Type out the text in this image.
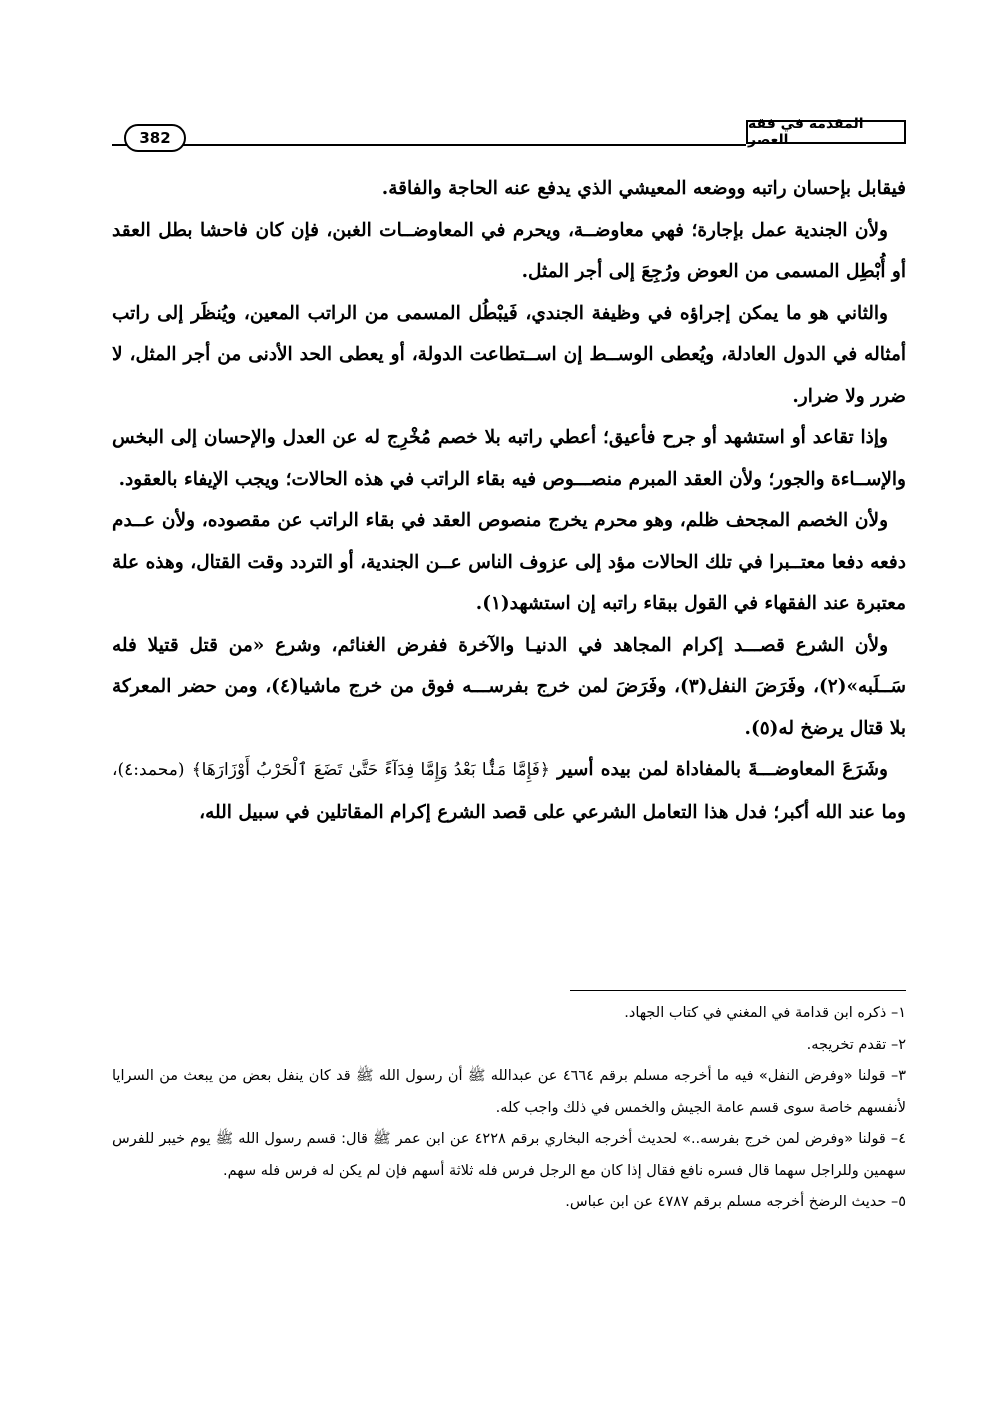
المقدمة في فقه العصر
382

فيقابل بإحسان راتبه ووضعه المعيشي الذي يدفع عنه الحاجة والفاقة.

ولأن الجندية عمل بإجارة؛ فهي معاوضــة، ويحرم في المعاوضــات الغبن، فإن كان فاحشا بطل العقد أو أُبْطِل المسمى من العوض ورُجِعَ إلى أجر المثل.

والثاني هو ما يمكن إجراؤه في وظيفة الجندي، فَيبْطُل المسمى من الراتب المعين، ويُنظَر إلى راتب أمثاله في الدول العادلة، ويُعطى الوســط إن اســتطاعت الدولة، أو يعطى الحد الأدنى من أجر المثل، لا ضرر ولا ضرار.

وإذا تقاعد أو استشهد أو جرح فأعيق؛ أعطي راتبه بلا خصم مُخْرِج له عن العدل والإحسان إلى البخس والإســاءة والجور؛ ولأن العقد المبرم منصـــوص فيه بقاء الراتب في هذه الحالات؛ ويجب الإيفاء بالعقود.

ولأن الخصم المجحف ظلم، وهو محرم يخرج منصوص العقد في بقاء الراتب عن مقصوده، ولأن عــدم دفعه دفعا معتــبرا في تلك الحالات مؤد إلى عزوف الناس عــن الجندية، أو التردد وقت القتال، وهذه علة معتبرة عند الفقهاء في القول ببقاء راتبه إن استشهد(١).

ولأن الشرع قصـــد إكرام المجاهد في الدنيـا والآخرة ففرض الغنائم، وشرع «من قتل قتيلا فله سَــلَبه»(٢)، وفَرَضَ النفل(٣)، وفَرَضَ لمن خرج بفرســـه فوق من خرج ماشيا(٤)، ومن حضر المعركة بلا قتال يرضخ له(٥).

وشَرَعَ المعاوضـــةَ بالمفاداة لمن بيده أسير ﴿فَإِمَّا مَنًّۢا بَعْدُ وَإِمَّا فِدَآءً حَتَّىٰ تَضَعَ ٱلْحَرْبُ أَوْزَارَهَا﴾ (محمد:٤)، وما عند الله أكبر؛ فدل هذا التعامل الشرعي على قصد الشرع إكرام المقاتلين في سبيل الله،

١– ذكره ابن قدامة في المغني في كتاب الجهاد.

٢– تقدم تخريجه.

٣– قولنا «وفرض النفل» فيه ما أخرجه مسلم برقم ٤٦٦٤ عن عبدالله ﷺ أن رسول الله ﷺ قد كان ينفل بعض من يبعث من السرايا لأنفسهم خاصة سوى قسم عامة الجيش والخمس في ذلك واجب كله.

٤– قولنا «وفرض لمن خرج بفرسه..» لحديث أخرجه البخاري برقم ٤٢٢٨ عن ابن عمر ﷺ قال: قسم رسول الله ﷺ يوم خيبر للفرس سهمين وللراجل سهما قال فسره نافع فقال إذا كان مع الرجل فرس فله ثلاثة أسهم فإن لم يكن له فرس فله سهم.

٥– حديث الرضخ أخرجه مسلم برقم ٤٧٨٧ عن ابن عباس.
